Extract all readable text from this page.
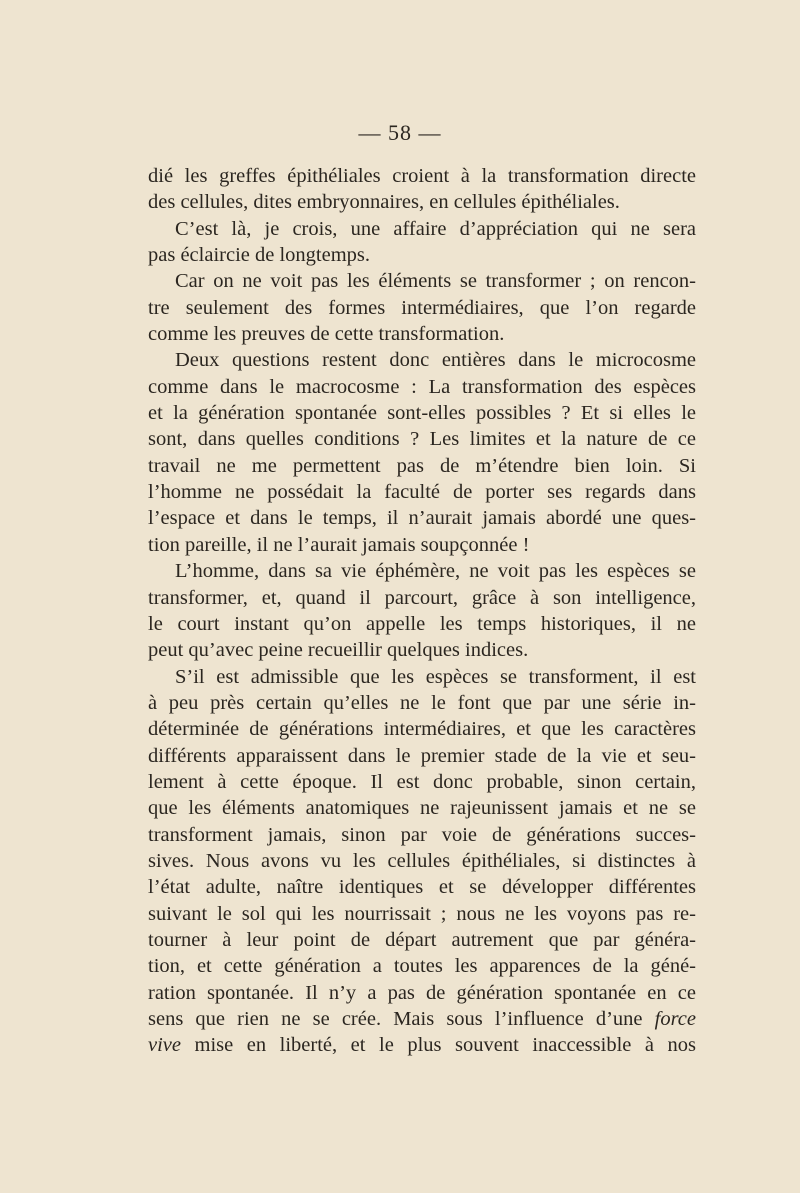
— 58 —
dié les greffes épithéliales croient à la transformation directe
des cellules, dites embryonnaires, en cellules épithéliales.
C’est là, je crois, une affaire d’appréciation qui ne sera
pas éclaircie de longtemps.
Car on ne voit pas les éléments se transformer ; on rencon-
tre seulement des formes intermédiaires, que l’on regarde
comme les preuves de cette transformation.
Deux questions restent donc entières dans le microcosme
comme dans le macrocosme : La transformation des espèces
et la génération spontanée sont-elles possibles ? Et si elles le
sont, dans quelles conditions ? Les limites et la nature de ce
travail ne me permettent pas de m’étendre bien loin. Si
l’homme ne possédait la faculté de porter ses regards dans
l’espace et dans le temps, il n’aurait jamais abordé une ques-
tion pareille, il ne l’aurait jamais soupçonnée !
L’homme, dans sa vie éphémère, ne voit pas les espèces se
transformer, et, quand il parcourt, grâce à son intelligence,
le court instant qu’on appelle les temps historiques, il ne
peut qu’avec peine recueillir quelques indices.
S’il est admissible que les espèces se transforment, il est
à peu près certain qu’elles ne le font que par une série in-
déterminée de générations intermédiaires, et que les caractères
différents apparaissent dans le premier stade de la vie et seu-
lement à cette époque. Il est donc probable, sinon certain,
que les éléments anatomiques ne rajeunissent jamais et ne se
transforment jamais, sinon par voie de générations succes-
sives. Nous avons vu les cellules épithéliales, si distinctes à
l’état adulte, naître identiques et se développer différentes
suivant le sol qui les nourrissait ; nous ne les voyons pas re-
tourner à leur point de départ autrement que par généra-
tion, et cette génération a toutes les apparences de la géné-
ration spontanée. Il n’y a pas de génération spontanée en ce
sens que rien ne se crée. Mais sous l’influence d’une force
vive mise en liberté, et le plus souvent inaccessible à nos
